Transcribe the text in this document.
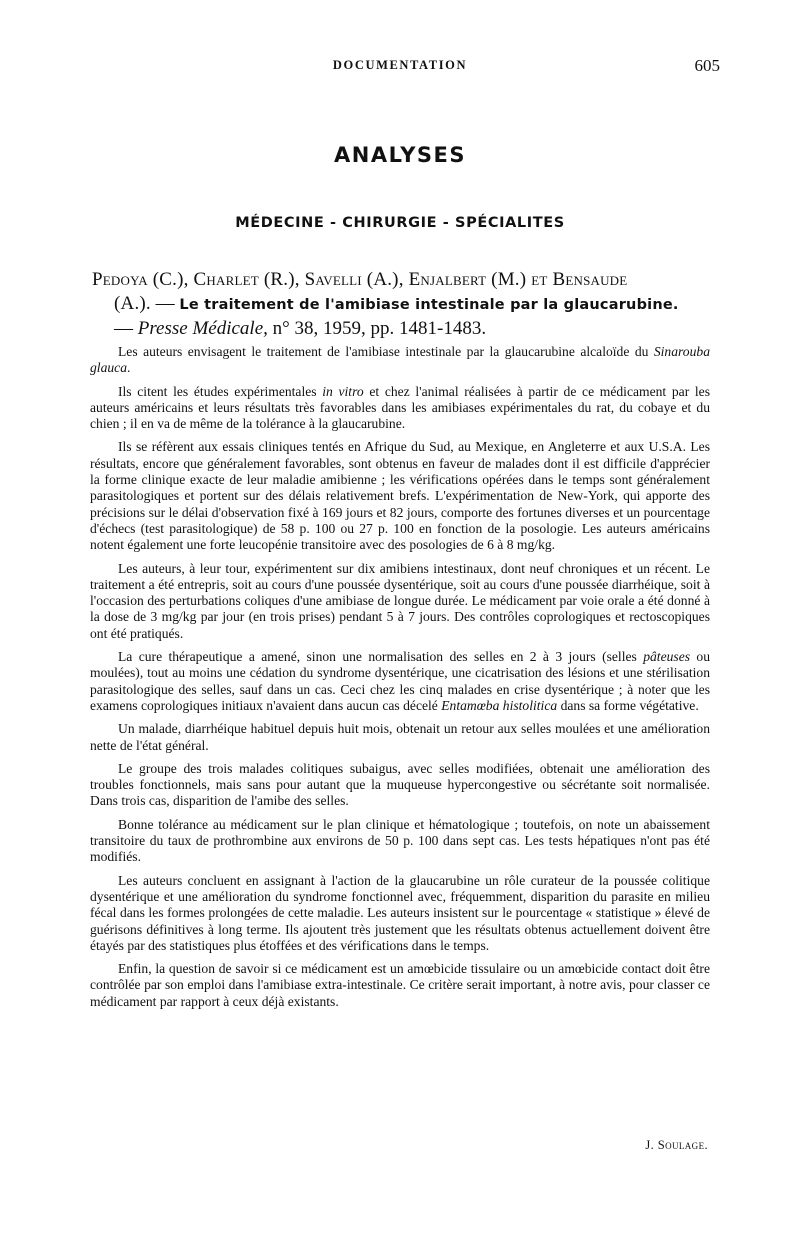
DOCUMENTATION	605
ANALYSES
MÉDECINE - CHIRURGIE - SPÉCIALITES
Pedoya (C.), Charlet (R.), Savelli (A.), Enjalbert (M.) et Bensaude
(A.). — Le traitement de l'amibiase intestinale par la glaucarubine.
— Presse Médicale, n° 38, 1959, pp. 1481-1483.

Les auteurs envisagent le traitement de l'amibiase intestinale par la glaucarubine alcaloïde du Sinarouba glauca.

Ils citent les études expérimentales in vitro et chez l'animal réalisées à partir de ce médicament par les auteurs américains et leurs résultats très favorables dans les amibiases expérimentales du rat, du cobaye et du chien ; il en va de même de la tolérance à la glaucarubine.

Ils se réfèrent aux essais cliniques tentés en Afrique du Sud, au Mexique, en Angleterre et aux U.S.A. Les résultats, encore que généralement favorables, sont obtenus en faveur de malades dont il est difficile d'apprécier la forme clinique exacte de leur maladie amibienne ; les vérifications opérées dans le temps sont généralement parasitologiques et portent sur des délais relativement brefs. L'expérimentation de New-York, qui apporte des précisions sur le délai d'observation fixé à 169 jours et 82 jours, comporte des fortunes diverses et un pourcentage d'échecs (test parasitologique) de 58 p. 100 ou 27 p. 100 en fonction de la posologie. Les auteurs américains notent également une forte leucopénie transitoire avec des posologies de 6 à 8 mg/kg.

Les auteurs, à leur tour, expérimentent sur dix amibiens intestinaux, dont neuf chroniques et un récent. Le traitement a été entrepris, soit au cours d'une poussée dysentérique, soit au cours d'une poussée diarrhéique, soit à l'occasion des perturbations coliques d'une amibiase de longue durée. Le médicament par voie orale a été donné à la dose de 3 mg/kg par jour (en trois prises) pendant 5 à 7 jours. Des contrôles coprologiques et rectoscopiques ont été pratiqués.

La cure thérapeutique a amené, sinon une normalisation des selles en 2 à 3 jours (selles pâteuses ou moulées), tout au moins une cédation du syndrome dysentérique, une cicatrisation des lésions et une stérilisation parasitologique des selles, sauf dans un cas. Ceci chez les cinq malades en crise dysentérique ; à noter que les examens coprologiques initiaux n'avaient dans aucun cas décelé Entamœba histolitica dans sa forme végétative.

Un malade, diarrhéique habituel depuis huit mois, obtenait un retour aux selles moulées et une amélioration nette de l'état général.

Le groupe des trois malades colitiques subaigus, avec selles modifiées, obtenait une amélioration des troubles fonctionnels, mais sans pour autant que la muqueuse hypercongestive ou sécrétante soit normalisée. Dans trois cas, disparition de l'amibe des selles.

Bonne tolérance au médicament sur le plan clinique et hématologique ; toutefois, on note un abaissement transitoire du taux de prothrombine aux environs de 50 p. 100 dans sept cas. Les tests hépatiques n'ont pas été modifiés.

Les auteurs concluent en assignant à l'action de la glaucarubine un rôle curateur de la poussée colitique dysentérique et une amélioration du syndrome fonctionnel avec, fréquemment, disparition du parasite en milieu fécal dans les formes prolongées de cette maladie. Les auteurs insistent sur le pourcentage « statistique » élevé de guérisons définitives à long terme. Ils ajoutent très justement que les résultats obtenus actuellement doivent être étayés par des statistiques plus étoffées et des vérifications dans le temps.

Enfin, la question de savoir si ce médicament est un amœbicide tissulaire ou un amœbicide contact doit être contrôlée par son emploi dans l'amibiase extra-intestinale. Ce critère serait important, à notre avis, pour classer ce médicament par rapport à ceux déjà existants.

J. Soulage.
